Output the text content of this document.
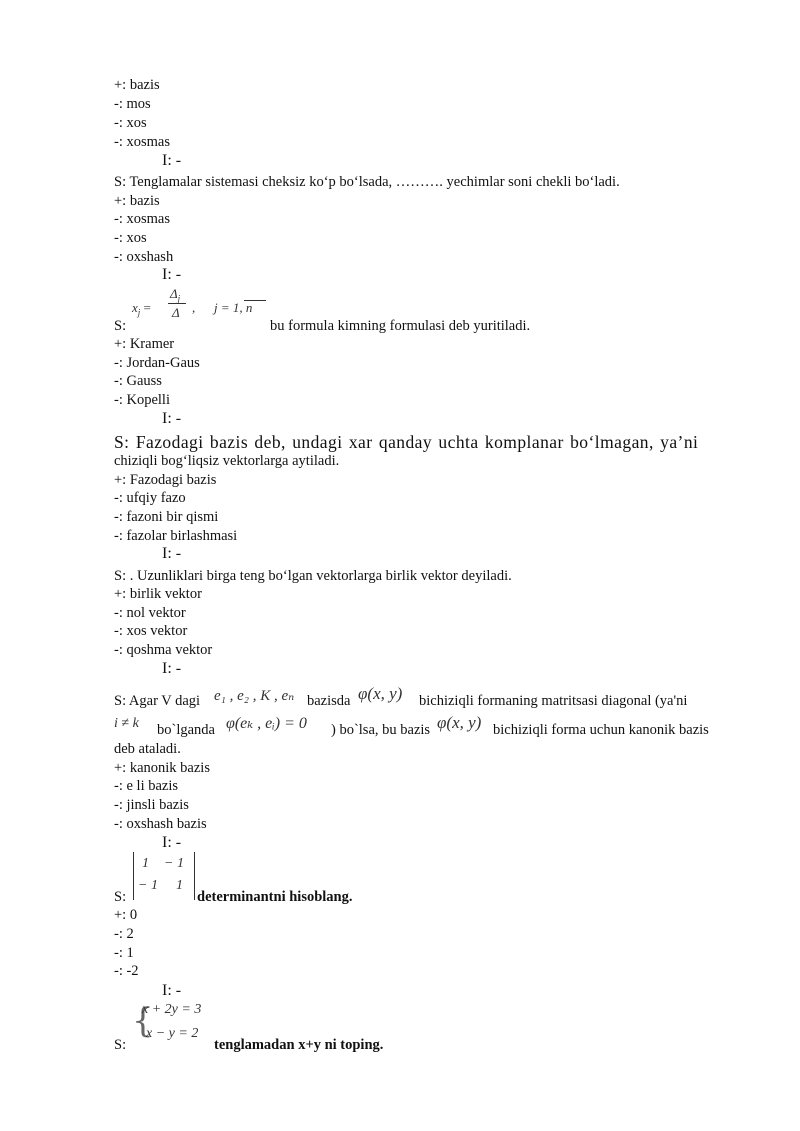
+: bazis
-: mos
-: xos
-: xosmas
I: -
S: Tenglamalar sistemasi cheksiz ko‘p bo‘lsada, ………. yechimlar soni chekli bo‘ladi.
+: bazis
-: xosmas
-: xos
-: oxshash
I: -
S:
$x_j$ =
$\Delta_j$
Δ , j = 1, n
bu formula kimning formulasi deb yuritiladi.
+: Kramer
-: Jordan-Gaus
-: Gauss
-: Kopelli
I: -
S: Fazodagi bazis deb, undagi xar qanday uchta komplanar bo‘lmagan, ya’ni
chiziqli bog‘liqsiz vektorlarga aytiladi.
+: Fazodagi bazis
-: ufqiy fazo
-: fazoni bir qismi
-: fazolar birlashmasi
I: -
S: . Uzunliklari birga teng bo‘lgan vektorlarga birlik vektor deyiladi.
+: birlik vektor
-: nol vektor
-: xos vektor
-: qoshma vektor
I: -
S: Agar V dagi e₁ , e₂ , K , eₙ bazisda φ(x, y) bichiziqli formaning matritsasi diagonal (ya'ni
i ≠ k bo`lganda φ(eₖ , eᵢ) = 0 ) bo`lsa, bu bazis φ(x, y) bichiziqli forma uchun kanonik bazis
deb ataladi.
+: kanonik bazis
-: e li bazis
-: jinsli bazis
-: oxshash bazis
I: -
S:
1 − 1
− 1 1
determinantni hisoblang.
+: 0
-: 2
-: 1
-: -2
I: -
S:
{
x + 2y = 3
x − y = 2
tenglamadan x+y ni toping.
